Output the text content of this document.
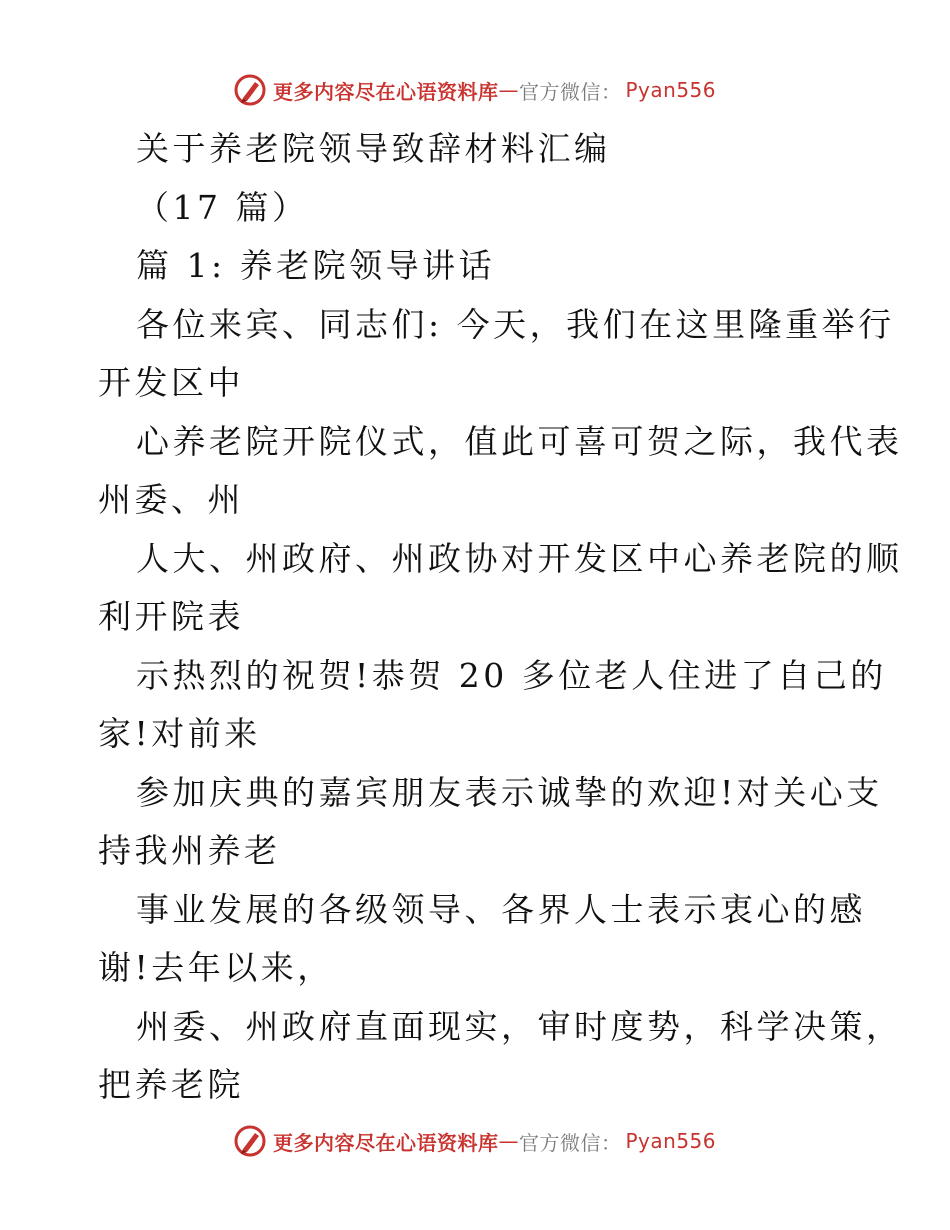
更多内容尽在心语资料库 — 官方微信： Pyan556
关于养老院领导致辞材料汇编
（17 篇）
篇 1: 养老院领导讲话
各位来宾、同志们: 今天，我们在这里隆重举行
开发区中
心养老院开院仪式，值此可喜可贺之际，我代表
州委、州
人大、州政府、州政协对开发区中心养老院的顺
利开院表
示热烈的祝贺!恭贺 20 多位老人住进了自己的
家!对前来
参加庆典的嘉宾朋友表示诚挚的欢迎!对关心支
持我州养老
事业发展的各级领导、各界人士表示衷心的感
谢!去年以来，
州委、州政府直面现实，审时度势，科学决策，
把养老院
更多内容尽在心语资料库 — 官方微信： Pyan556
